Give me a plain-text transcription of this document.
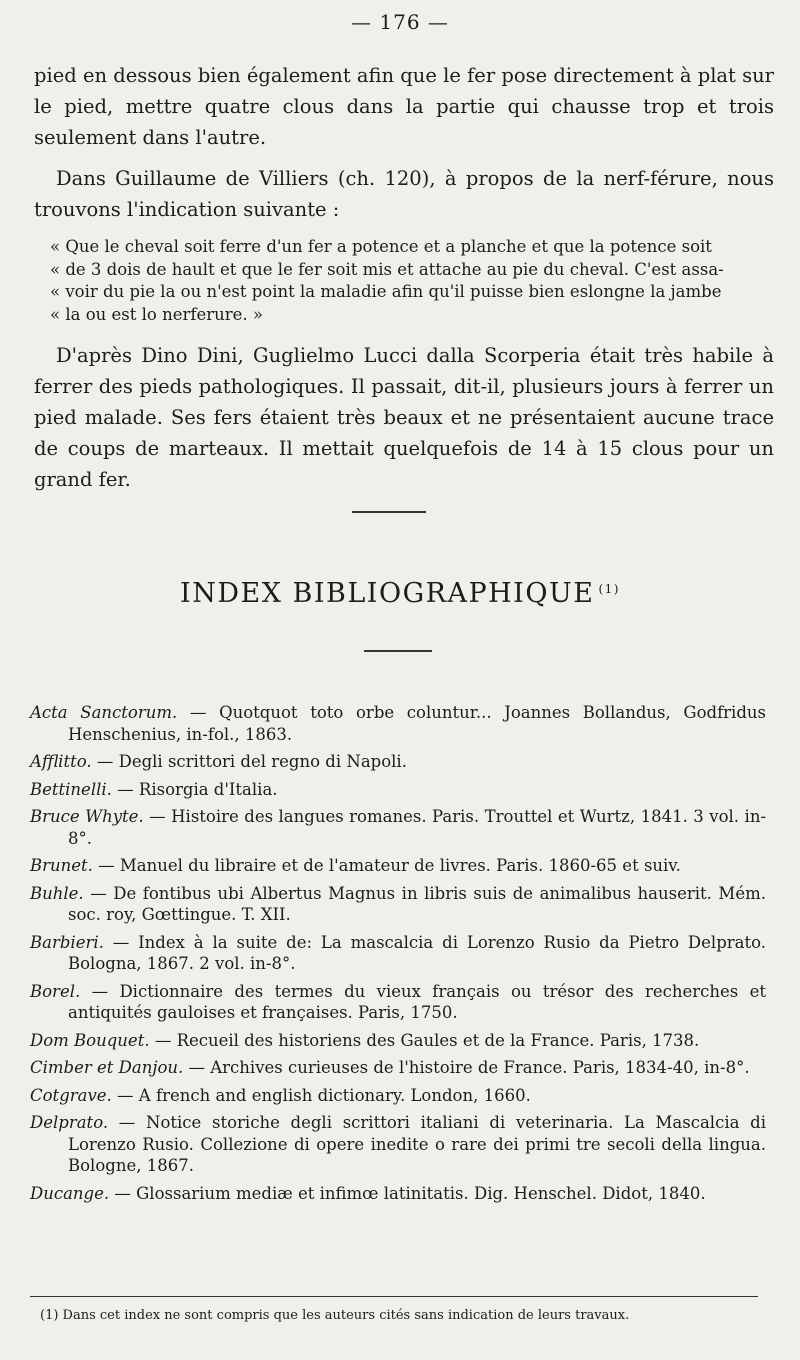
— 176 —

pied en dessous bien également afin que le fer pose directement à plat sur le pied, mettre quatre clous dans la partie qui chausse trop et trois seulement dans l'autre.

Dans Guillaume de Villiers (ch. 120), à propos de la nerf-férure, nous trouvons l'indication suivante :

« Que le cheval soit ferre d'un fer a potence et a planche et que la potence soit
« de 3 dois de hault et que le fer soit mis et attache au pie du cheval. C'est assa-
« voir du pie la ou n'est point la maladie afin qu'il puisse bien eslongne la jambe
« la ou est lo nerferure. »

D'après Dino Dini, Guglielmo Lucci dalla Scorperia était très habile à ferrer des pieds pathologiques. Il passait, dit-il, plusieurs jours à ferrer un pied malade. Ses fers étaient très beaux et ne présentaient aucune trace de coups de marteaux. Il mettait quelquefois de 14 à 15 clous pour un grand fer.

INDEX BIBLIOGRAPHIQUE $^{(1)}$
Acta Sanctorum. — Quotquot toto orbe coluntur... Joannes Bollandus, Godfridus Henschenius, in-fol., 1863.
Afflitto. — Degli scrittori del regno di Napoli.
Bettinelli. — Risorgia d'Italia.
Bruce Whyte. — Histoire des langues romanes. Paris. Trouttel et Wurtz, 1841. 3 vol. in-8°.
Brunet. — Manuel du libraire et de l'amateur de livres. Paris. 1860-65 et suiv.
Buhle. — De fontibus ubi Albertus Magnus in libris suis de animalibus hauserit. Mém. soc. roy, Gœttingue. T. XII.
Barbieri. — Index à la suite de: La mascalcia di Lorenzo Rusio da Pietro Delprato. Bologna, 1867. 2 vol. in-8°.
Borel. — Dictionnaire des termes du vieux français ou trésor des recherches et antiquités gauloises et françaises. Paris, 1750.
Dom Bouquet. — Recueil des historiens des Gaules et de la France. Paris, 1738.
Cimber et Danjou. — Archives curieuses de l'histoire de France. Paris, 1834-40, in-8°.
Cotgrave. — A french and english dictionary. London, 1660.
Delprato. — Notice storiche degli scrittori italiani di veterinaria. La Mascalcia di Lorenzo Rusio. Collezione di opere inedite o rare dei primi tre secoli della lingua. Bologne, 1867.
Ducange. — Glossarium mediæ et infimœ latinitatis. Dig. Henschel. Didot, 1840.
(1) Dans cet index ne sont compris que les auteurs cités sans indication de leurs travaux.
